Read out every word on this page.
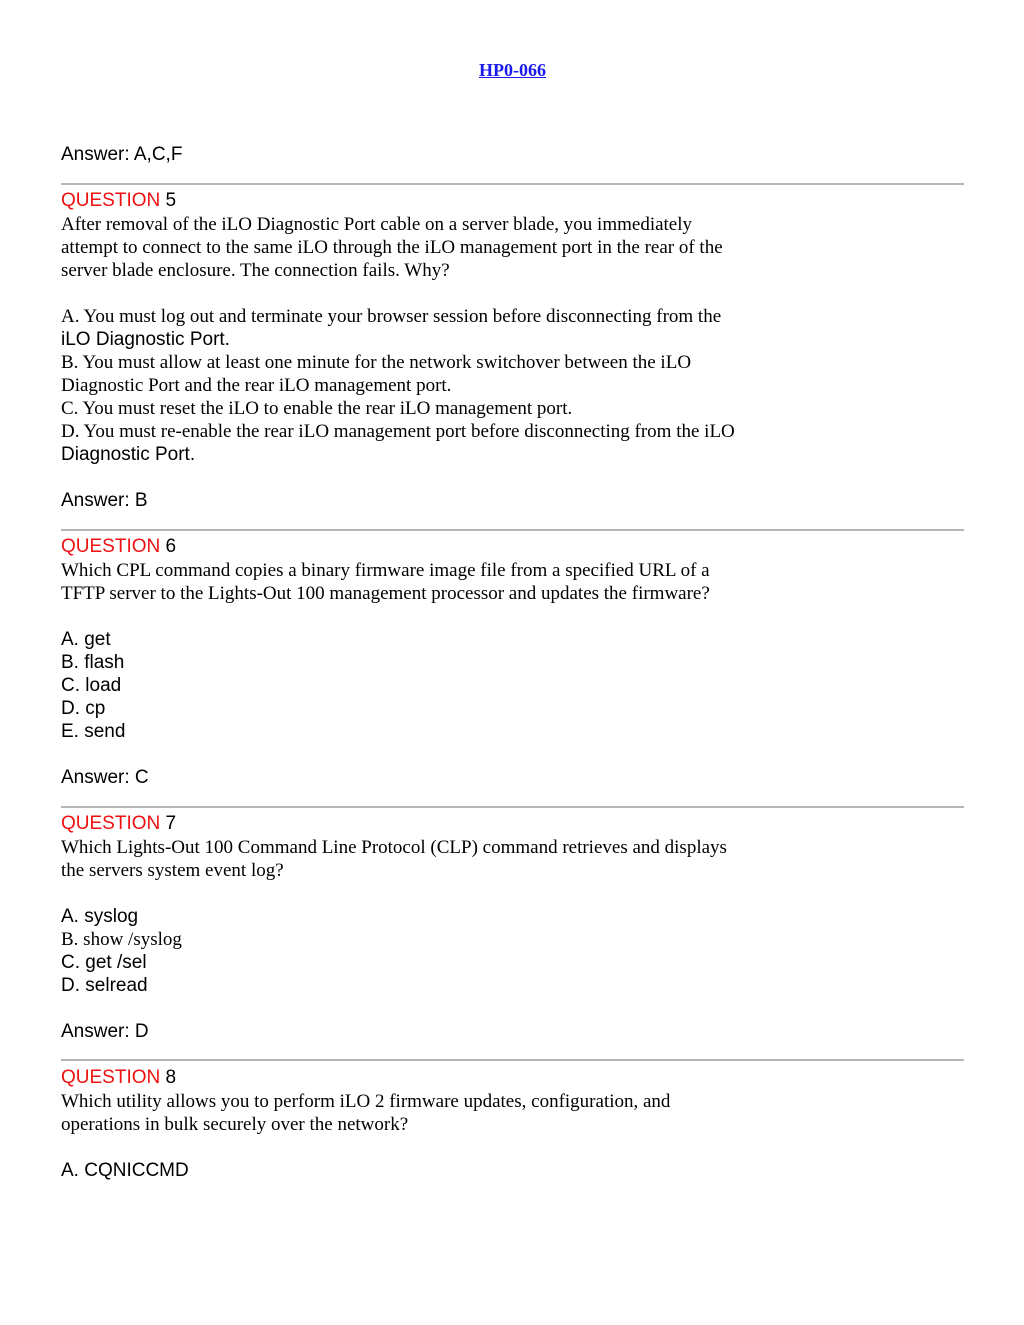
HP0-066
Answer: A,C,F
QUESTION 5
After removal of the iLO Diagnostic Port cable on a server blade, you immediately
attempt to connect to the same iLO through the iLO management port in the rear of the
server blade enclosure. The connection fails. Why?
A. You must log out and terminate your browser session before disconnecting from the
iLO Diagnostic Port.
B. You must allow at least one minute for the network switchover between the iLO
Diagnostic Port and the rear iLO management port.
C. You must reset the iLO to enable the rear iLO management port.
D. You must re-enable the rear iLO management port before disconnecting from the iLO
Diagnostic Port.
Answer: B
QUESTION 6
Which CPL command copies a binary firmware image file from a specified URL of a
TFTP server to the Lights-Out 100 management processor and updates the firmware?
A. get
B. flash
C. load
D. cp
E. send
Answer: C
QUESTION 7
Which Lights-Out 100 Command Line Protocol (CLP) command retrieves and displays
the servers system event log?
A. syslog
B. show /syslog
C. get /sel
D. selread
Answer: D
QUESTION 8
Which utility allows you to perform iLO 2 firmware updates, configuration, and
operations in bulk securely over the network?
A. CQNICCMD
